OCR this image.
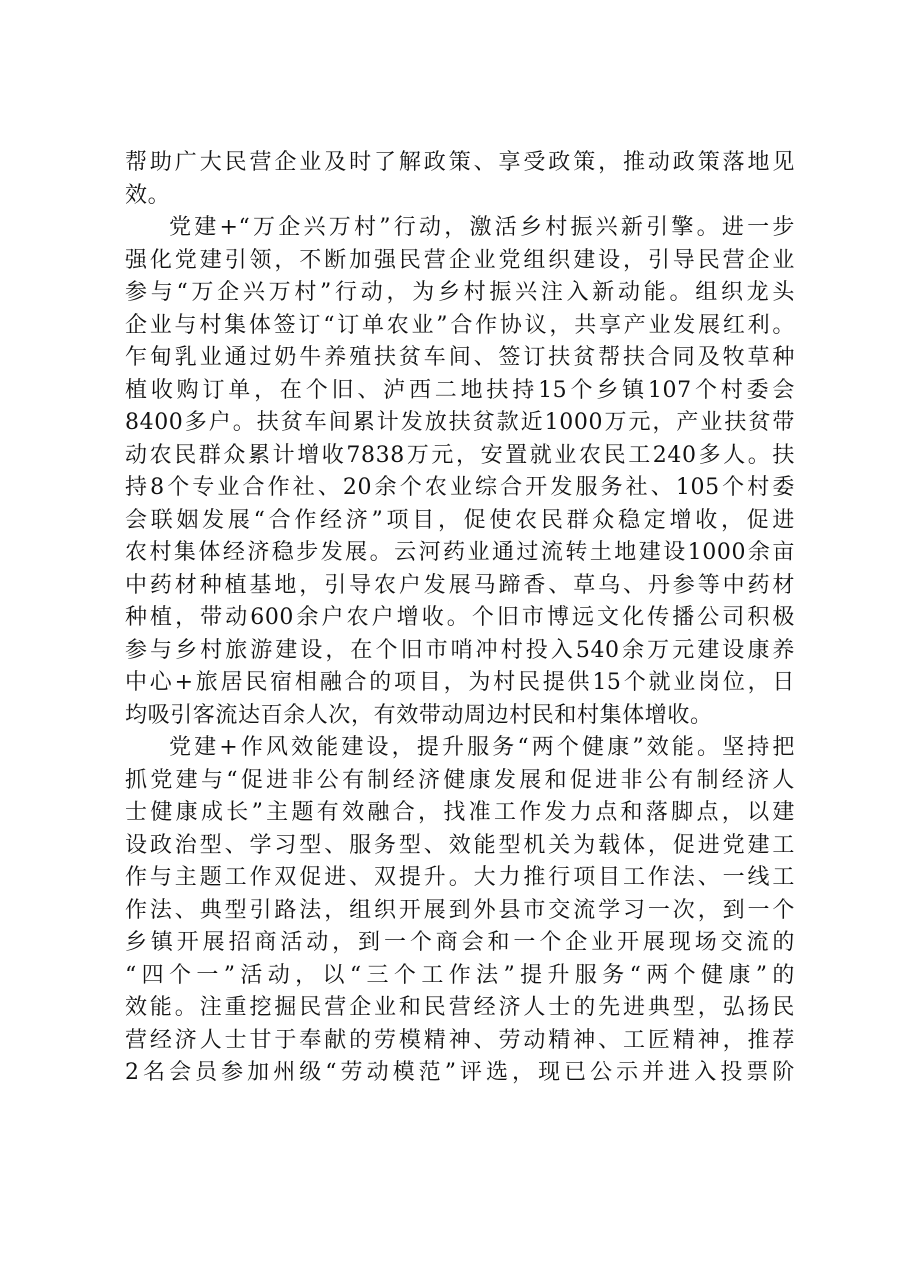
帮助广大民营企业及时了解政策、享受政策，推动政策落地见
效。
党建+“万企兴万村”行动，激活乡村振兴新引擎。进一步
强化党建引领，不断加强民营企业党组织建设，引导民营企业
参与“万企兴万村”行动，为乡村振兴注入新动能。组织龙头
企业与村集体签订“订单农业”合作协议，共享产业发展红利。
乍甸乳业通过奶牛养殖扶贫车间、签订扶贫帮扶合同及牧草种
植收购订单，在个旧、泸西二地扶持15个乡镇107个村委会
8400多户。扶贫车间累计发放扶贫款近1000万元，产业扶贫带
动农民群众累计增收7838万元，安置就业农民工240多人。扶
持8个专业合作社、20余个农业综合开发服务社、105个村委
会联姻发展“合作经济”项目，促使农民群众稳定增收，促进
农村集体经济稳步发展。云河药业通过流转土地建设1000余亩
中药材种植基地，引导农户发展马蹄香、草乌、丹参等中药材
种植，带动600余户农户增收。个旧市博远文化传播公司积极
参与乡村旅游建设，在个旧市哨冲村投入540余万元建设康养
中心+旅居民宿相融合的项目，为村民提供15个就业岗位，日
均吸引客流达百余人次，有效带动周边村民和村集体增收。
党建+作风效能建设，提升服务“两个健康”效能。坚持把
抓党建与“促进非公有制经济健康发展和促进非公有制经济人
士健康成长”主题有效融合，找准工作发力点和落脚点，以建
设政治型、学习型、服务型、效能型机关为载体，促进党建工
作与主题工作双促进、双提升。大力推行项目工作法、一线工
作法、典型引路法，组织开展到外县市交流学习一次，到一个
乡镇开展招商活动，到一个商会和一个企业开展现场交流的
“四个一”活动，以“三个工作法”提升服务“两个健康”的
效能。注重挖掘民营企业和民营经济人士的先进典型，弘扬民
营经济人士甘于奉献的劳模精神、劳动精神、工匠精神，推荐
2名会员参加州级“劳动模范”评选，现已公示并进入投票阶
